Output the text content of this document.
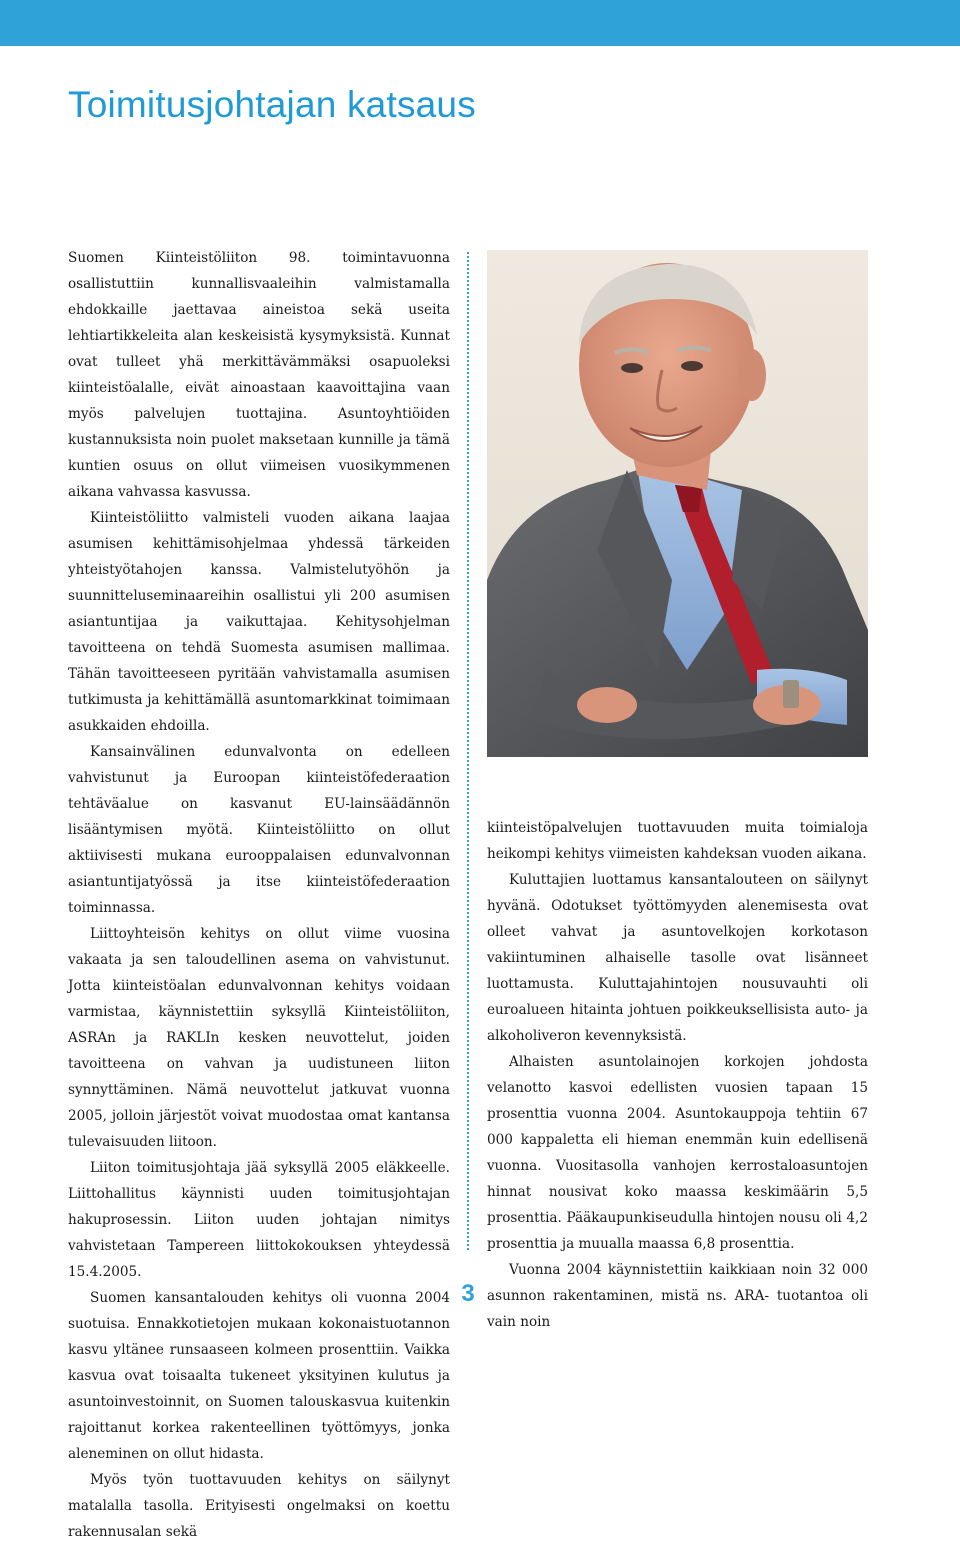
Toimitusjohtajan katsaus

Suomen Kiinteistöliiton 98. toimintavuonna osallistuttiin kunnallisvaaleihin valmistamalla ehdokkaille jaettavaa aineistoa sekä useita lehtiartikkeleita alan keskeisistä kysymyksistä. Kunnat ovat tulleet yhä merkittävämmäksi osapuoleksi kiinteistöalalle, eivät ainoastaan kaavoittajina vaan myös palvelujen tuottajina. Asuntoyhtiöiden kustannuksista noin puolet maksetaan kunnille ja tämä kuntien osuus on ollut viimeisen vuosikymmenen aikana vahvassa kasvussa.

Kiinteistöliitto valmisteli vuoden aikana laajaa asumisen kehittämisohjelmaa yhdessä tärkeiden yhteistyötahojen kanssa. Valmistelutyöhön ja suunnitteluseminaareihin osallistui yli 200 asumisen asiantuntijaa ja vaikuttajaa. Kehitysohjelman tavoitteena on tehdä Suomesta asumisen mallimaa. Tähän tavoitteeseen pyritään vahvistamalla asumisen tutkimusta ja kehittämällä asuntomarkkinat toimimaan asukkaiden ehdoilla.

Kansainvälinen edunvalvonta on edelleen vahvistunut ja Euroopan kiinteistöfederaation tehtäväalue on kasvanut EU-lainsäädännön lisääntymisen myötä. Kiinteistöliitto on ollut aktiivisesti mukana eurooppalaisen edunvalvonnan asiantuntijatyössä ja itse kiinteistöfederaation toiminnassa.

Liittoyhteisön kehitys on ollut viime vuosina vakaata ja sen taloudellinen asema on vahvistunut. Jotta kiinteistöalan edunvalvonnan kehitys voidaan varmistaa, käynnistettiin syksyllä Kiinteistöliiton, ASRAn ja RAKLIn kesken neuvottelut, joiden tavoitteena on vahvan ja uudistuneen liiton synnyttäminen. Nämä neuvottelut jatkuvat vuonna 2005, jolloin järjestöt voivat muodostaa omat kantansa tulevaisuuden liitoon.

Liiton toimitusjohtaja jää syksyllä 2005 eläkkeelle. Liittohallitus käynnisti uuden toimitusjohtajan hakuprosessin. Liiton uuden johtajan nimitys vahvistetaan Tampereen liittokokouksen yhteydessä 15.4.2005.

Suomen kansantalouden kehitys oli vuonna 2004 suotuisa. Ennakkotietojen mukaan kokonaistuotannon kasvu yltänee runsaaseen kolmeen prosenttiin. Vaikka kasvua ovat toisaalta tukeneet yksityinen kulutus ja asuntoinvestoinnit, on Suomen talouskasvua kuitenkin rajoittanut korkea rakenteellinen työttömyys, jonka aleneminen on ollut hidasta.

Myös työn tuottavuuden kehitys on säilynyt matalalla tasolla. Erityisesti ongelmaksi on koettu rakennusalan sekä

kiinteistöpalvelujen tuottavuuden muita toimialoja heikompi kehitys viimeisten kahdeksan vuoden aikana.

Kuluttajien luottamus kansantalouteen on säilynyt hyvänä. Odotukset työttömyyden alenemisesta ovat olleet vahvat ja asuntovelkojen korkotason vakiintuminen alhaiselle tasolle ovat lisänneet luottamusta. Kuluttajahintojen nousuvauhti oli euroalueen hitainta johtuen poikkeuksellisista auto- ja alkoholiveron kevennyksistä.

Alhaisten asuntolainojen korkojen johdosta velanotto kasvoi edellisten vuosien tapaan 15 prosenttia vuonna 2004. Asuntokauppoja tehtiin 67 000 kappaletta eli hieman enemmän kuin edellisenä vuonna. Vuositasolla vanhojen kerrostaloasuntojen hinnat nousivat koko maassa keskimäärin 5,5 prosenttia. Pääkaupunkiseudulla hintojen nousu oli 4,2 prosenttia ja muualla maassa 6,8 prosenttia.

Vuonna 2004 käynnistettiin kaikkiaan noin 32 000 asunnon rakentaminen, mistä ns. ARA- tuotantoa oli vain noin

3
